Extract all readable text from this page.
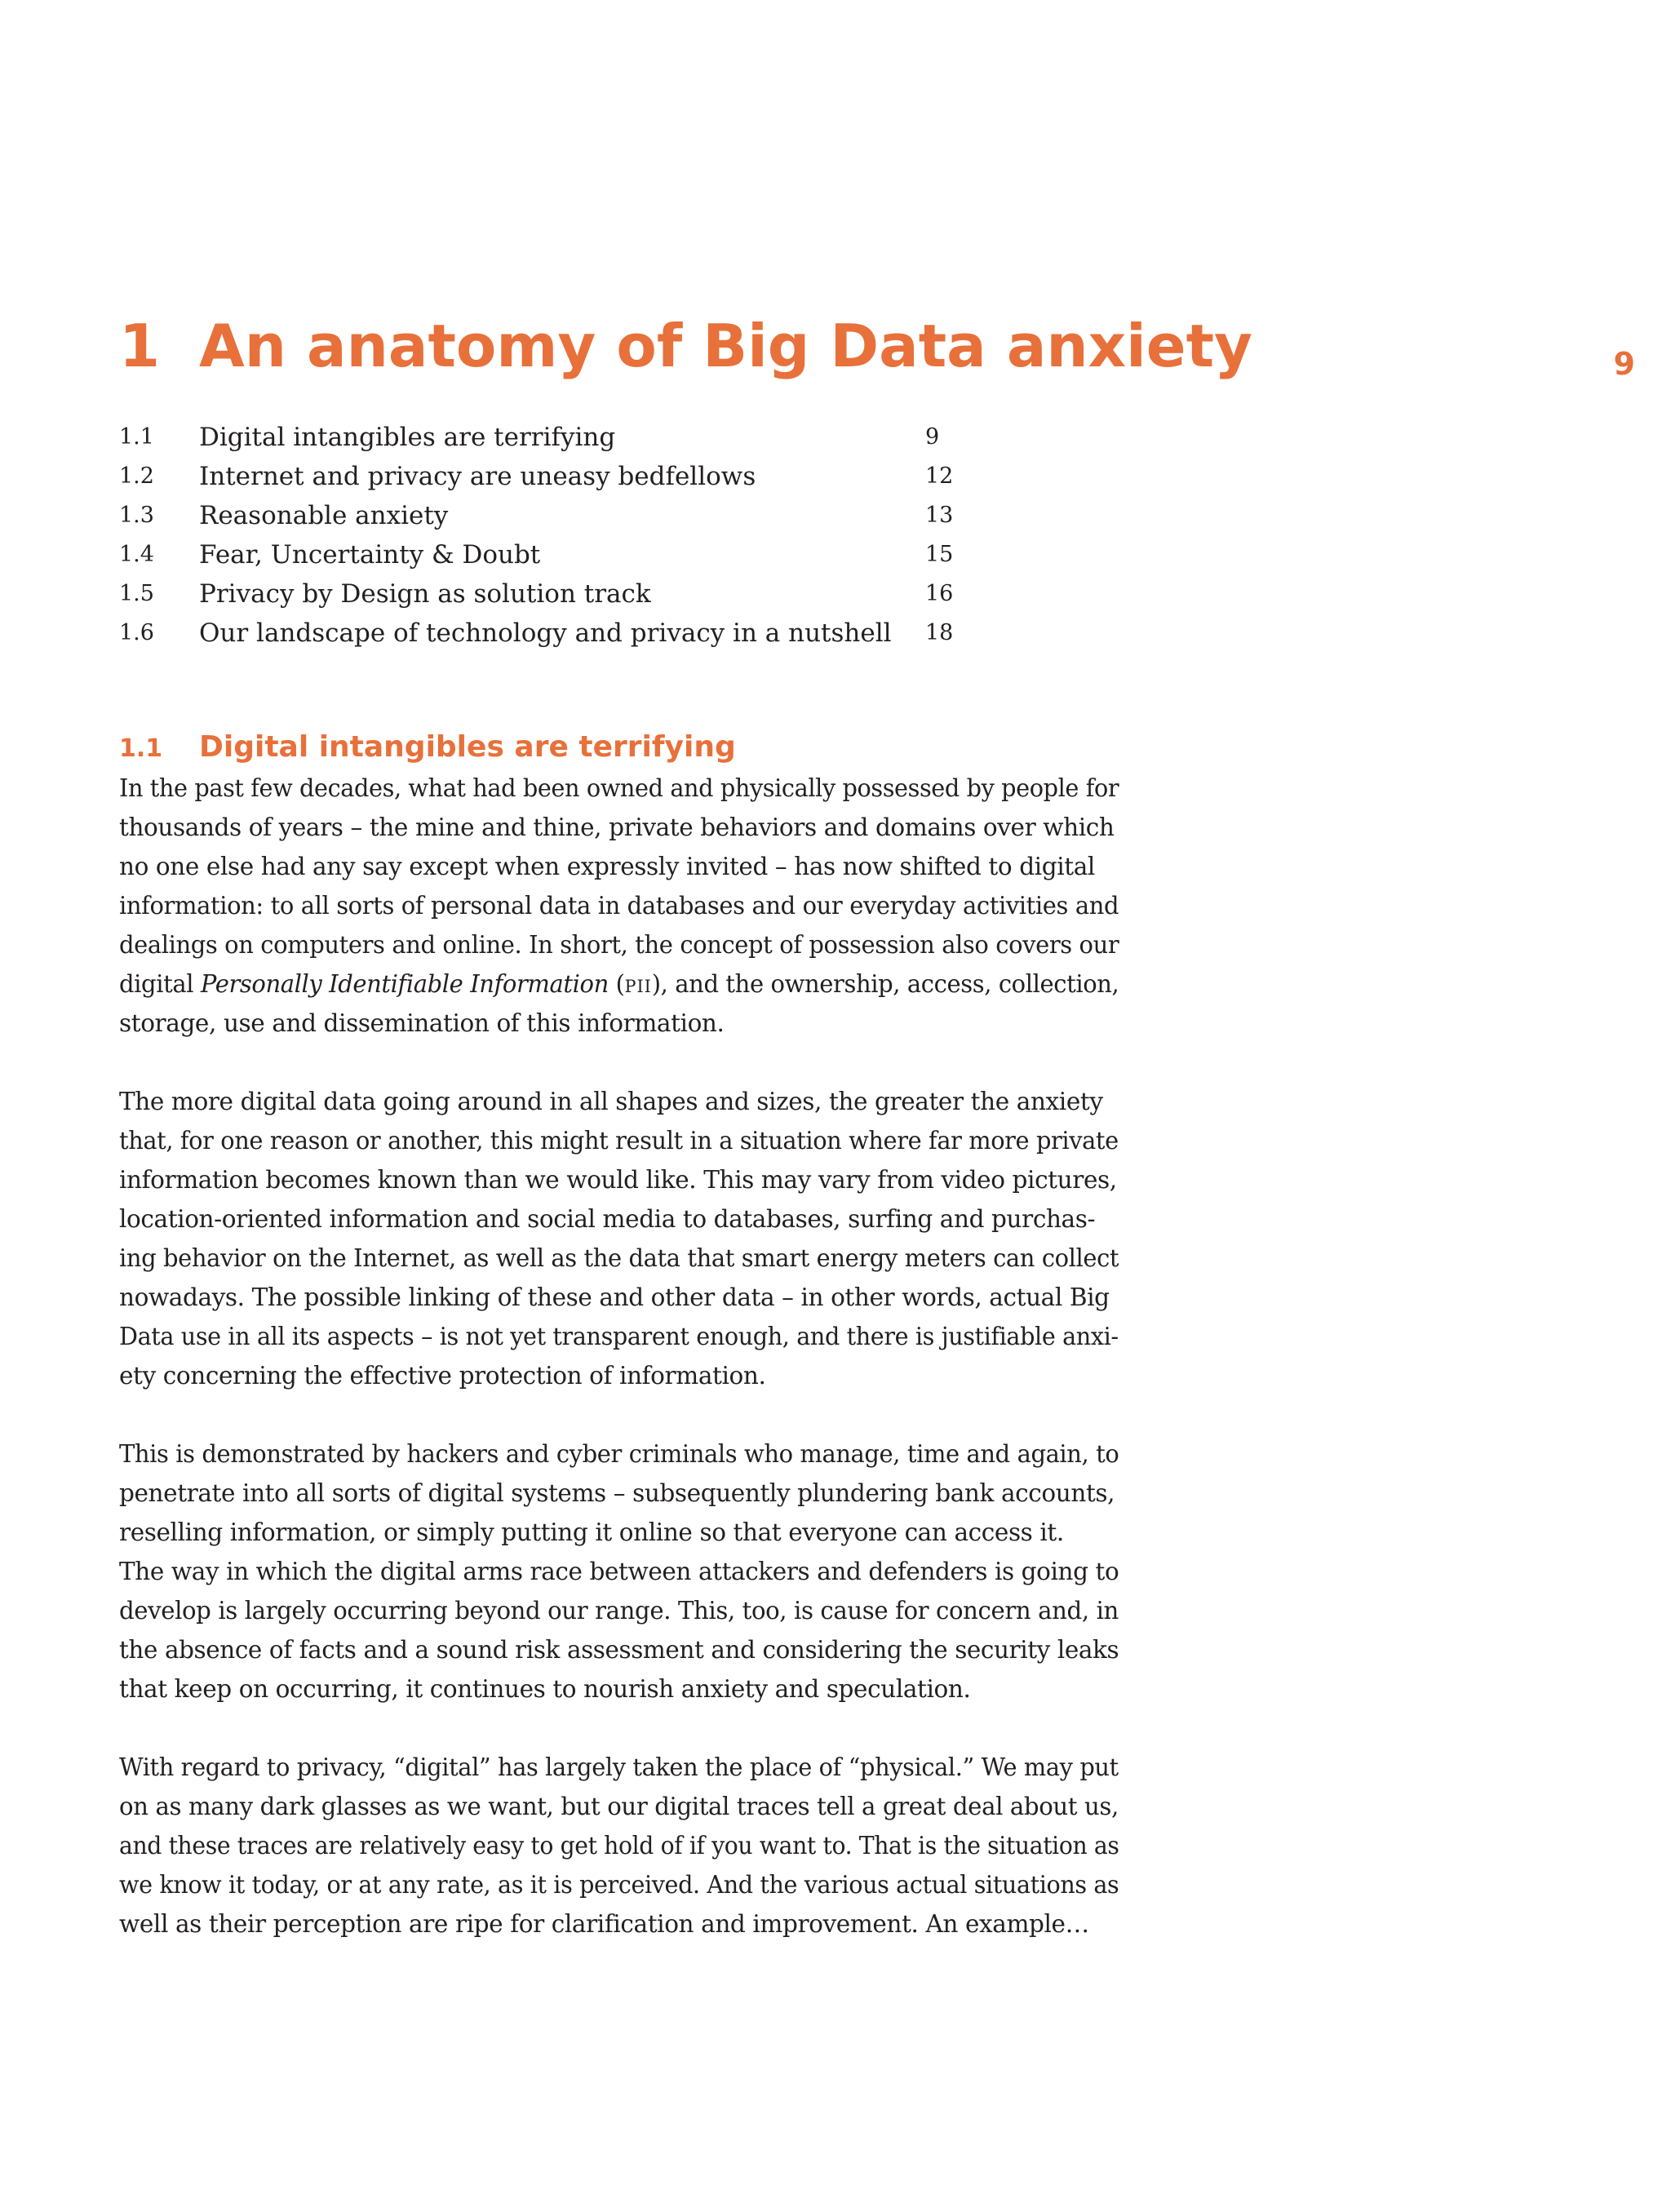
9
1 An anatomy of Big Data anxiety
1.1	Digital intangibles are terrifying	9
1.2	Internet and privacy are uneasy bedfellows	12
1.3	Reasonable anxiety	13
1.4	Fear, Uncertainty & Doubt	15
1.5	Privacy by Design as solution track	16
1.6	Our landscape of technology and privacy in a nutshell	18
1.1 Digital intangibles are terrifying

In the past few decades, what had been owned and physically possessed by people for
thousands of years – the mine and thine, private behaviors and domains over which
no one else had any say except when expressly invited – has now shifted to digital
information: to all sorts of personal data in databases and our everyday activities and
dealings on computers and online. In short, the concept of possession also covers our
digital Personally Identifiable Information (pii), and the ownership, access, collection,
storage, use and dissemination of this information.

The more digital data going around in all shapes and sizes, the greater the anxiety
that, for one reason or another, this might result in a situation where far more private
information becomes known than we would like. This may vary from video pictures,
location-oriented information and social media to databases, surfing and purchas-
ing behavior on the Internet, as well as the data that smart energy meters can collect
nowadays. The possible linking of these and other data – in other words, actual Big
Data use in all its aspects – is not yet transparent enough, and there is justifiable anxi-
ety concerning the effective protection of information.

This is demonstrated by hackers and cyber criminals who manage, time and again, to
penetrate into all sorts of digital systems – subsequently plundering bank accounts,
reselling information, or simply putting it online so that everyone can access it.
The way in which the digital arms race between attackers and defenders is going to
develop is largely occurring beyond our range. This, too, is cause for concern and, in
the absence of facts and a sound risk assessment and considering the security leaks
that keep on occurring, it continues to nourish anxiety and speculation.

With regard to privacy, “digital” has largely taken the place of “physical.” We may put
on as many dark glasses as we want, but our digital traces tell a great deal about us,
and these traces are relatively easy to get hold of if you want to. That is the situation as
we know it today, or at any rate, as it is perceived. And the various actual situations as
well as their perception are ripe for clarification and improvement. An example…
